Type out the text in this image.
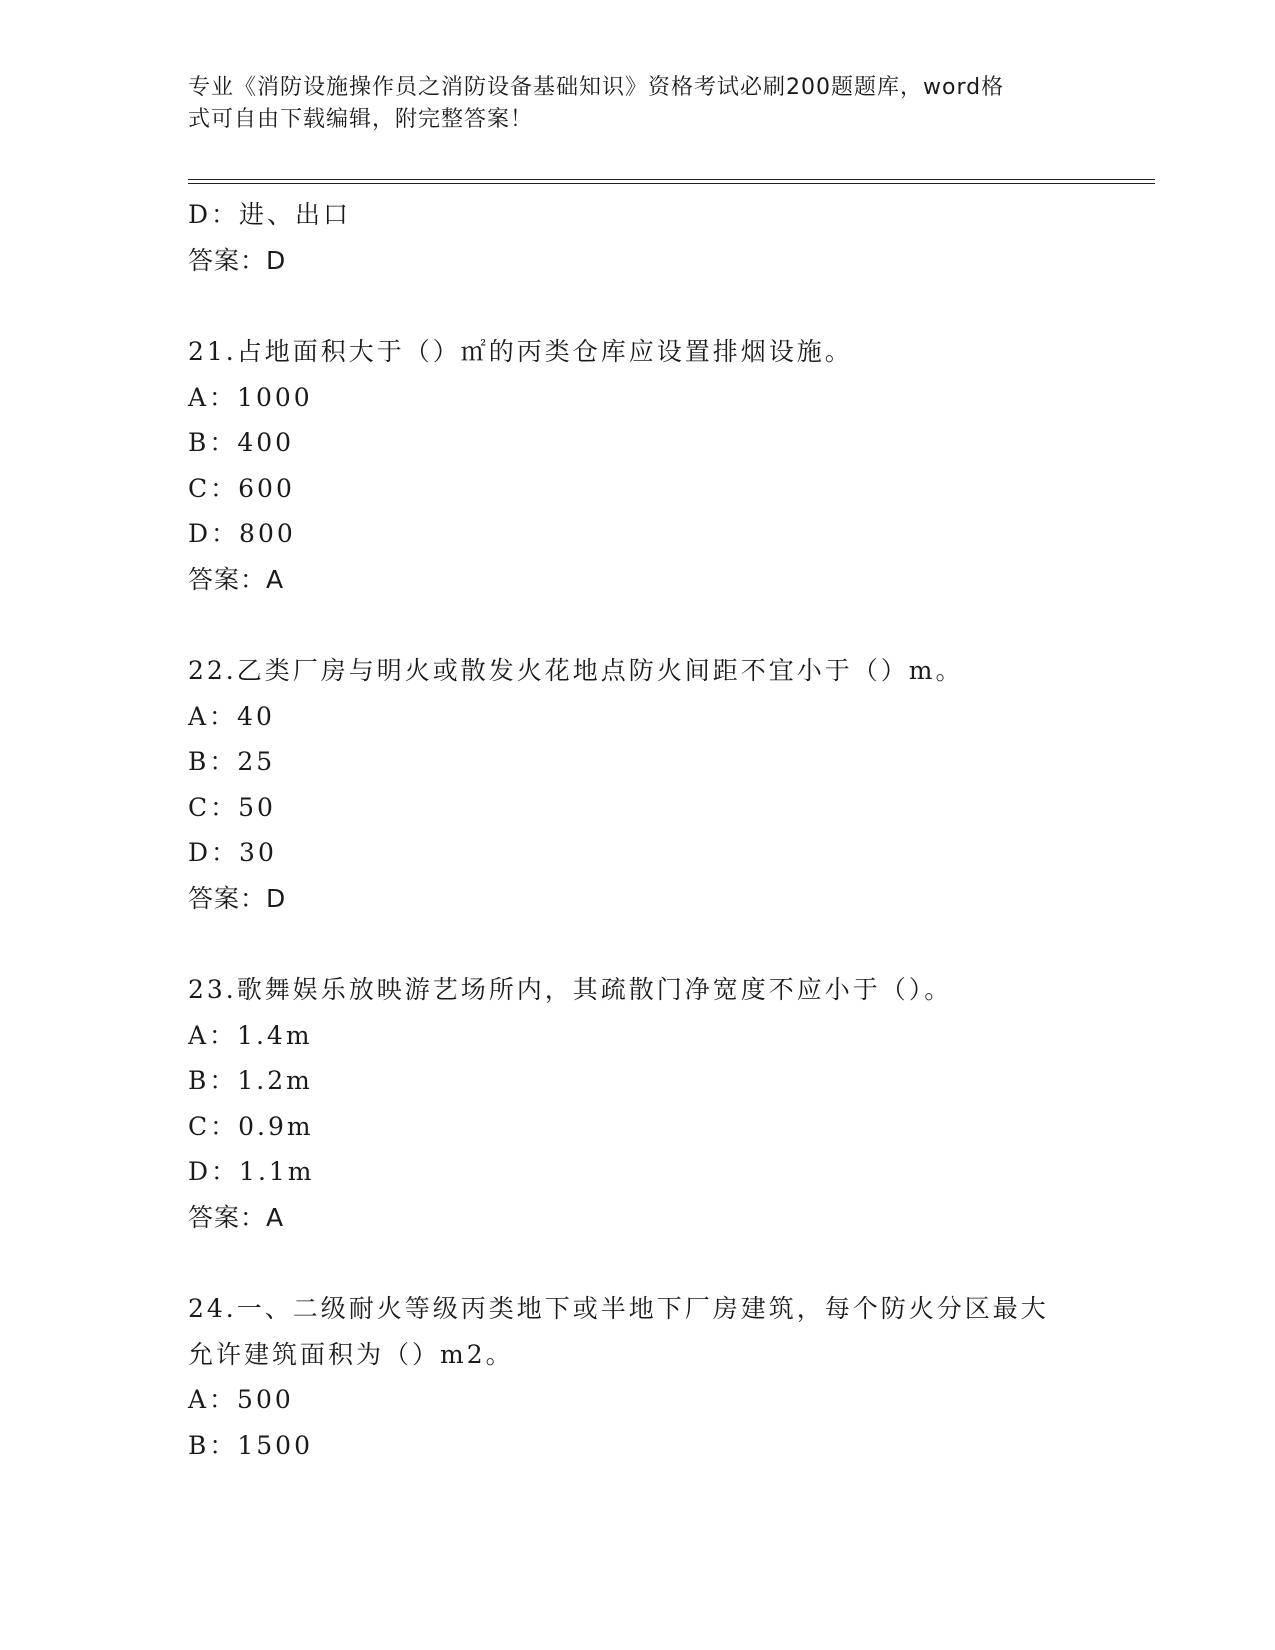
专业《消防设施操作员之消防设备基础知识》资格考试必刷200题题库，word格
式可自由下载编辑，附完整答案！
D：进、出口
答案：D
21.占地面积大于（）㎡的丙类仓库应设置排烟设施。
A：1000
B：400
C：600
D：800
答案：A
22.乙类厂房与明火或散发火花地点防火间距不宜小于（）m。
A：40
B：25
C：50
D：30
答案：D
23.歌舞娱乐放映游艺场所内，其疏散门净宽度不应小于（）。
A：1.4m
B：1.2m
C：0.9m
D：1.1m
答案：A
24.一、二级耐火等级丙类地下或半地下厂房建筑，每个防火分区最大
允许建筑面积为（）m2。
A：500
B：1500
